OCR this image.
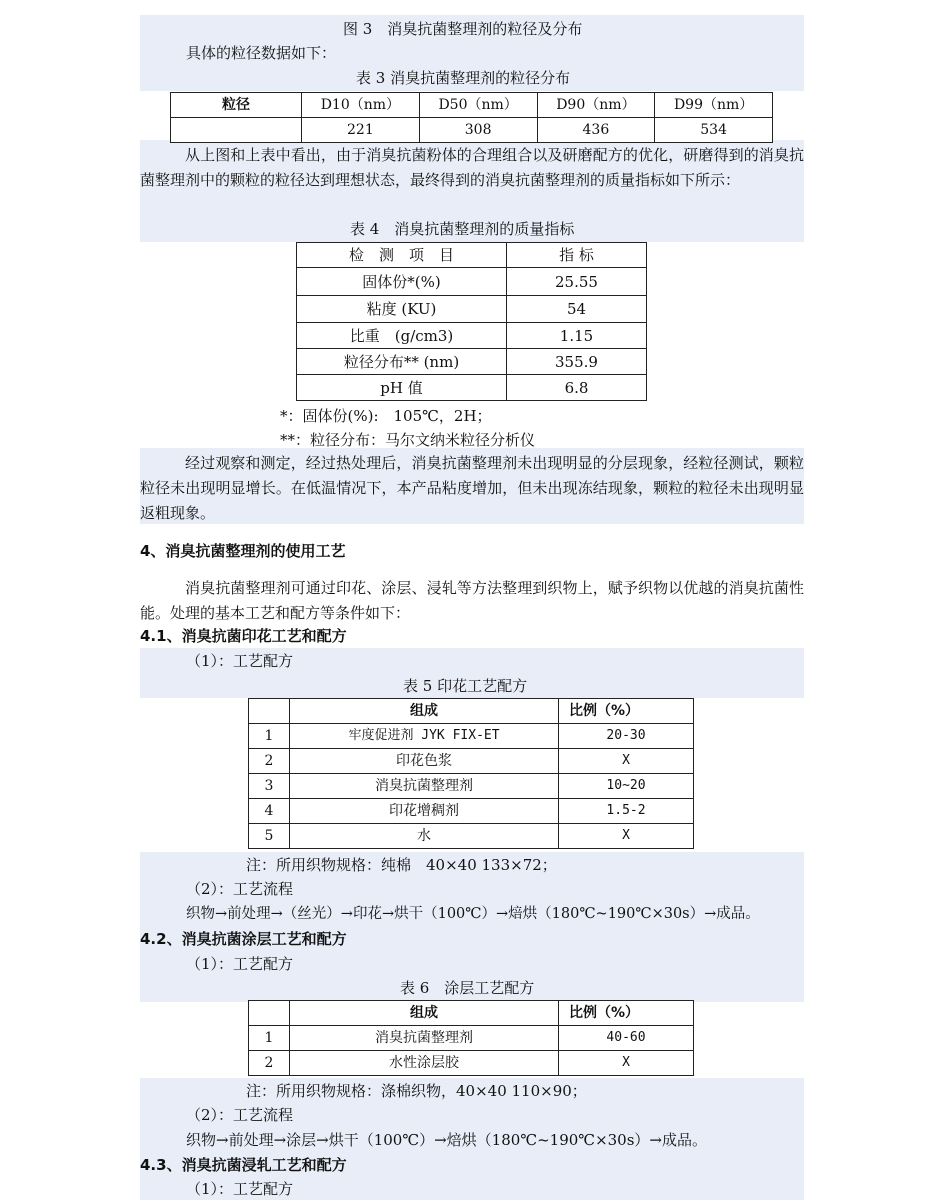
图 3　消臭抗菌整理剂的粒径及分布
具体的粒径数据如下：
表 3 消臭抗菌整理剂的粒径分布
粒径	D10（nm）	D50（nm）	D90（nm）	D99（nm）
	221	308	436	534
从上图和上表中看出，由于消臭抗菌粉体的合理组合以及研磨配方的优化，研磨得到的消臭抗菌整理剂中的颗粒的粒径达到理想状态，最终得到的消臭抗菌整理剂的质量指标如下所示：
表 4　消臭抗菌整理剂的质量指标
检　测　项　目	指 标
固体份*(%)	25.55
粘度 (KU)	54
比重　(g/cm3)	1.15
粒径分布** (nm)	355.9
pH 值	6.8
*：固体份(%):　105℃，2H；
**：粒径分布：马尔文纳米粒径分析仪
经过观察和测定，经过热处理后，消臭抗菌整理剂未出现明显的分层现象，经粒径测试，颗粒粒径未出现明显增长。在低温情况下，本产品粘度增加，但未出现冻结现象，颗粒的粒径未出现明显返粗现象。
4、消臭抗菌整理剂的使用工艺
消臭抗菌整理剂可通过印花、涂层、浸轧等方法整理到织物上，赋予织物以优越的消臭抗菌性能。处理的基本工艺和配方等条件如下：
4.1、消臭抗菌印花工艺和配方
（1）：工艺配方
表 5 印花工艺配方
	组成	比例（%）
1	牢度促进剂 JYK FIX-ET	20-30
2	印花色浆	X
3	消臭抗菌整理剂	10~20
4	印花增稠剂	1.5-2
5	水	X
注：所用织物规格：纯棉　40×40 133×72；
（2）：工艺流程
织物→前处理→（丝光）→印花→烘干（100℃）→焙烘（180℃~190℃×30s）→成品。
4.2、消臭抗菌涂层工艺和配方
（1）：工艺配方
表 6　涂层工艺配方
	组成	比例（%）
1	消臭抗菌整理剂	40-60
2	水性涂层胶	X
注：所用织物规格：涤棉织物，40×40 110×90；
（2）：工艺流程
织物→前处理→涂层→烘干（100℃）→焙烘（180℃~190℃×30s）→成品。
4.3、消臭抗菌浸轧工艺和配方
（1）：工艺配方
